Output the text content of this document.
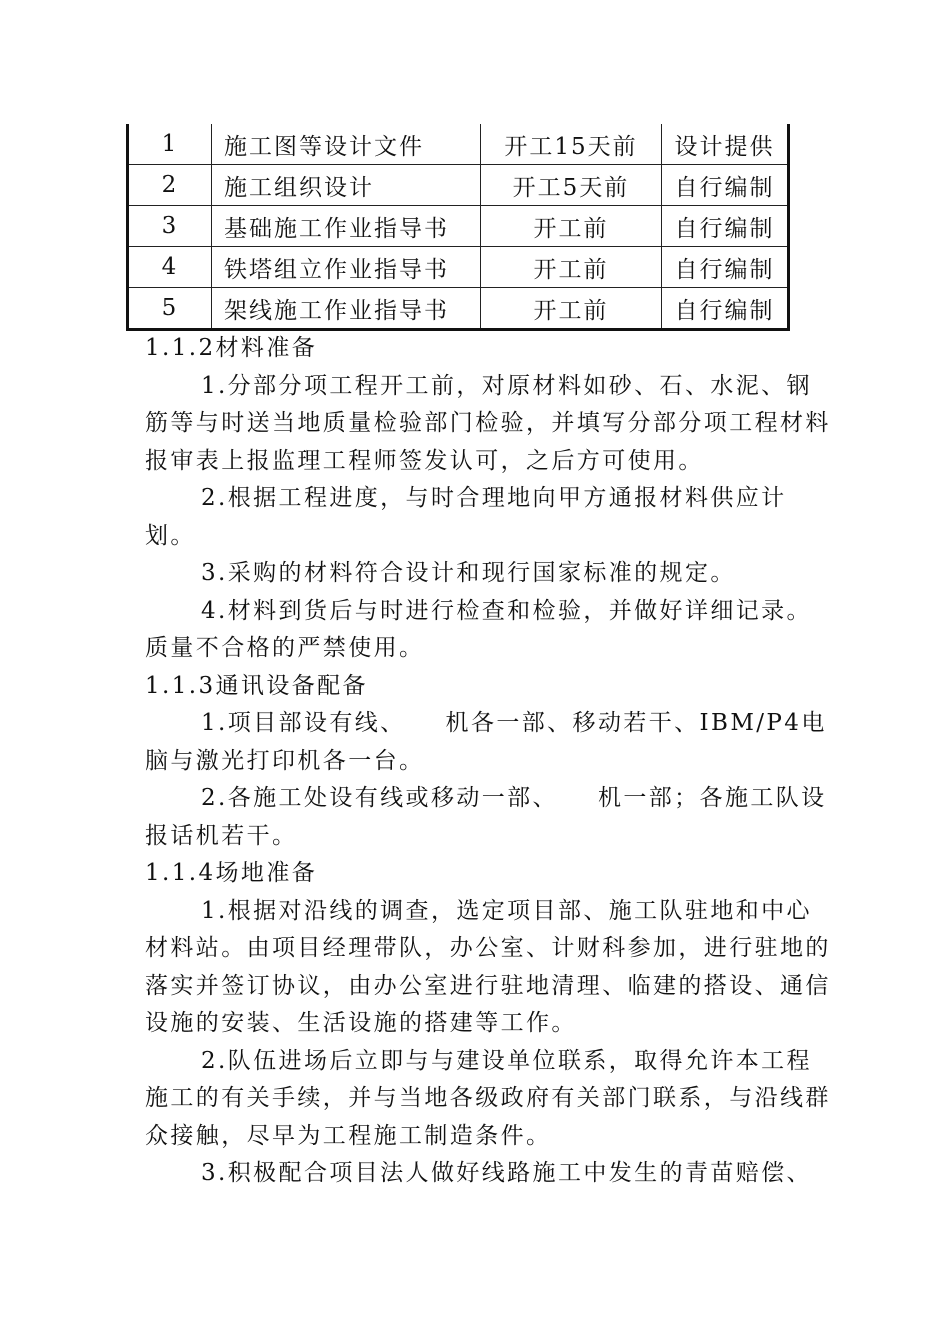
1	施工图等设计文件	开工15天前	设计提供
2	施工组织设计	开工5天前	自行编制
3	基础施工作业指导书	开工前	自行编制
4	铁塔组立作业指导书	开工前	自行编制
5	架线施工作业指导书	开工前	自行编制

1.1.2材料准备

1.分部分项工程开工前，对原材料如砂、石、水泥、钢筋等与时送当地质量检验部门检验，并填写分部分项工程材料报审表上报监理工程师签发认可，之后方可使用。

2.根据工程进度，与时合理地向甲方通报材料供应计划。

3.采购的材料符合设计和现行国家标准的规定。

4.材料到货后与时进行检查和检验，并做好详细记录。质量不合格的严禁使用。

1.1.3通讯设备配备

1.项目部设有线、 机各一部、移动若干、IBM/P4电脑与激光打印机各一台。

2.各施工处设有线或移动一部、 机一部；各施工队设报话机若干。

1.1.4场地准备

1.根据对沿线的调查，选定项目部、施工队驻地和中心材料站。由项目经理带队，办公室、计财科参加，进行驻地的落实并签订协议，由办公室进行驻地清理、临建的搭设、通信设施的安装、生活设施的搭建等工作。

2.队伍进场后立即与与建设单位联系，取得允许本工程施工的有关手续，并与当地各级政府有关部门联系，与沿线群众接触，尽早为工程施工制造条件。

3.积极配合项目法人做好线路施工中发生的青苗赔偿、
